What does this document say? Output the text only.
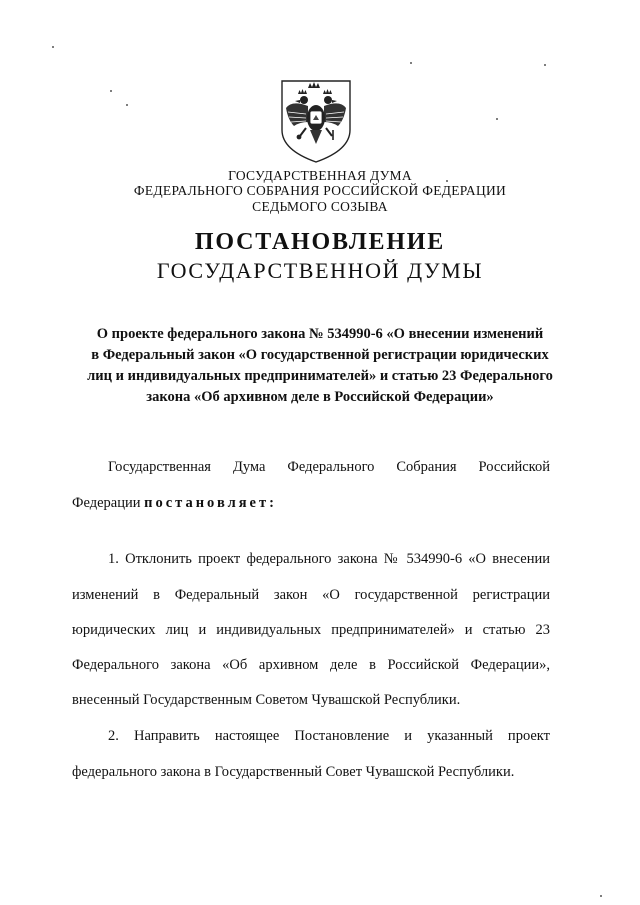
ГОСУДАРСТВЕННАЯ ДУМА
ФЕДЕРАЛЬНОГО СОБРАНИЯ РОССИЙСКОЙ ФЕДЕРАЦИИ
СЕДЬМОГО СОЗЫВА
ПОСТАНОВЛЕНИЕ
ГОСУДАРСТВЕННОЙ ДУМЫ
О проекте федерального закона № 534990-6 «О внесении изменений
в Федеральный закон «О государственной регистрации юридических
лиц и индивидуальных предпринимателей» и статью 23 Федерального
закона «Об архивном деле в Российской Федерации»
Государственная Дума Федерального Собрания Российской
Федерации постановляет:
1. Отклонить проект федерального закона № 534990-6 «О внесении
изменений в Федеральный закон «О государственной регистрации
юридических лиц и индивидуальных предпринимателей» и статью 23
Федерального закона «Об архивном деле в Российской Федерации»,
внесенный Государственным Советом Чувашской Республики.
2. Направить настоящее Постановление и указанный проект
федерального закона в Государственный Совет Чувашской Республики.
